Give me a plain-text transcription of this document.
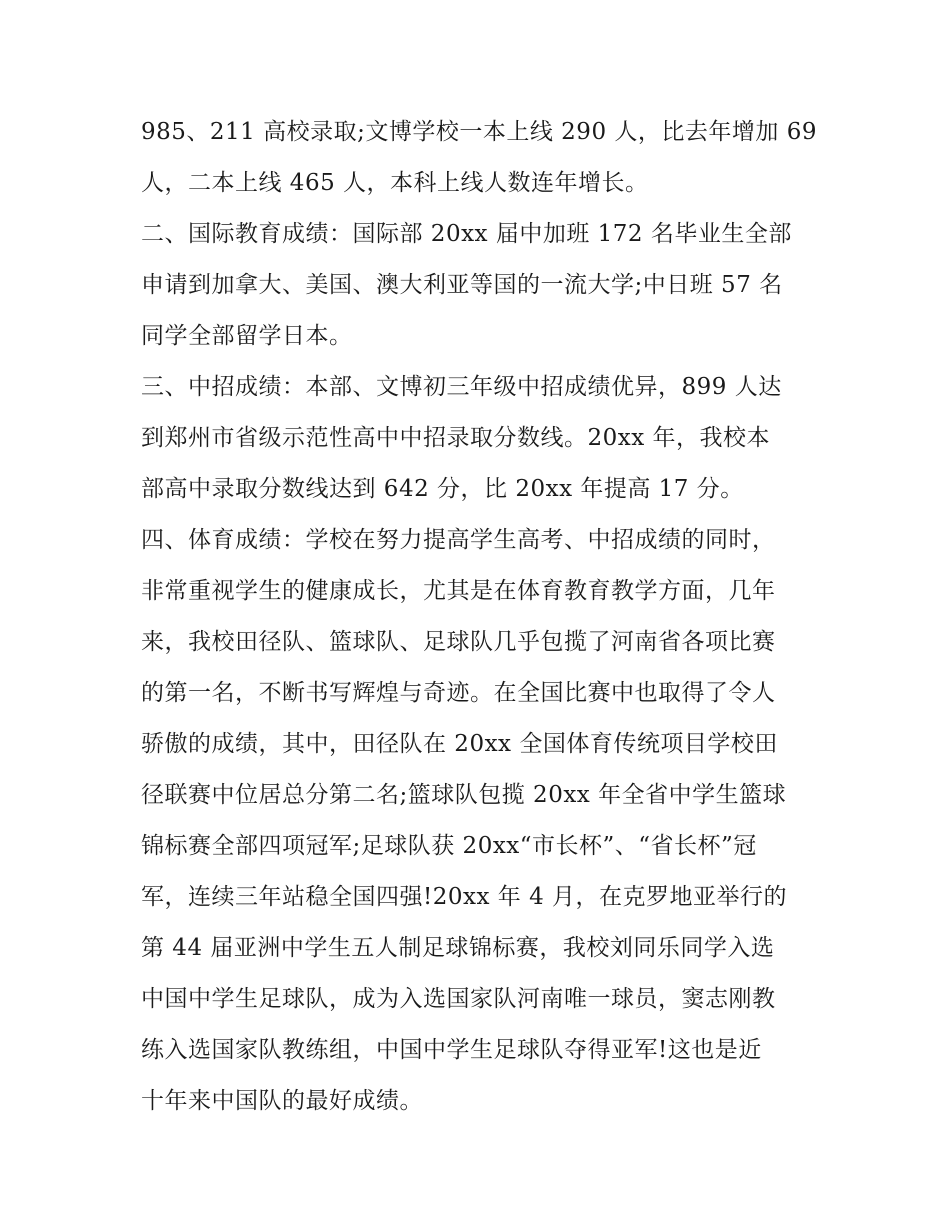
985、211 高校录取;文博学校一本上线 290 人，比去年增加 69
人，二本上线 465 人，本科上线人数连年增长。
二、国际教育成绩：国际部 20xx 届中加班 172 名毕业生全部
申请到加拿大、美国、澳大利亚等国的一流大学;中日班 57 名
同学全部留学日本。
三、中招成绩：本部、文博初三年级中招成绩优异，899 人达
到郑州市省级示范性高中中招录取分数线。20xx 年，我校本
部高中录取分数线达到 642 分，比 20xx 年提高 17 分。
四、体育成绩：学校在努力提高学生高考、中招成绩的同时，
非常重视学生的健康成长，尤其是在体育教育教学方面，几年
来，我校田径队、篮球队、足球队几乎包揽了河南省各项比赛
的第一名，不断书写辉煌与奇迹。在全国比赛中也取得了令人
骄傲的成绩，其中，田径队在 20xx 全国体育传统项目学校田
径联赛中位居总分第二名;篮球队包揽 20xx 年全省中学生篮球
锦标赛全部四项冠军;足球队获 20xx“市长杯”、“省长杯”冠
军，连续三年站稳全国四强!20xx 年 4 月，在克罗地亚举行的
第 44 届亚洲中学生五人制足球锦标赛，我校刘同乐同学入选
中国中学生足球队，成为入选国家队河南唯一球员，窦志刚教
练入选国家队教练组，中国中学生足球队夺得亚军!这也是近
十年来中国队的最好成绩。
